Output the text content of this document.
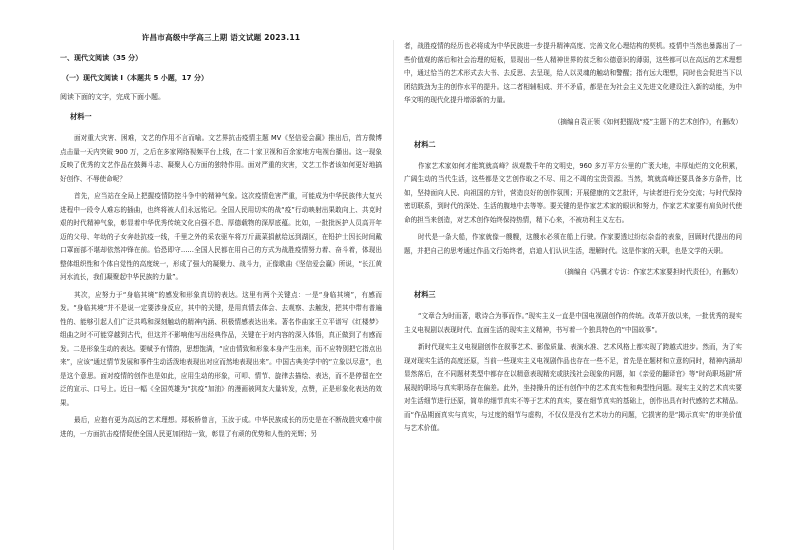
许昌市高级中学高三上期 语文试题 2023.11
一、现代文阅读（35 分）
（一）现代文阅读 I（本题共 5 小题，17 分）
阅读下面的文字，完成下面小题。
材料一

面对重大灾害、困难，文艺的作用不言而喻。文艺界抗击疫情主题 MV《坚信爱会赢》推出后，首方微博点击量一天内突破 900 万，之后在多家网络视频平台上线，在二十家卫视和百余家地方电视台播出。这一现象反映了优秀的文艺作品在鼓舞斗志、凝聚人心方面的独特作用。面对严重的灾害，文艺工作者该如何更好地搞好创作、不辱使命呢？

首先，应当站在全局上把握疫情防控斗争中的精神气象。这次疫情危害严重，可能成为中华民族伟大复兴进程中一段令人难忘的插曲，也终将被人们永远铭记。全国人民用切实的战“疫”行动映射出果敢向上、共克时艰的时代精神气象，彰显着中华优秀传统文化自强不息、厚德载物的深厚底蕴。比如，一批批医护人员高开年迈的父母、年幼的子女奔赴抗疫一线，千里之外的采农驱车将万斤蔬菜捐献给远到湖区，在铅护士因长时间戴口罩面部不堪却依然冲锋在前。恰恐即守……全国人民都在用自己的方式为战胜疫情努力着、奋斗着，体现出整体组织性和个体自觉性的高度统一，形成了强大的凝聚力、战斗力，正像歌曲《坚信爱会赢》所说，“长江黄河水流长，我们凝聚起中华民族的力量”。

其次，应努力于“身临其境”的感发和形象真切的表达。这里有两个关键点：一是“身临其境”，有感而发。“身临其境”并不是说一定要涉身反应，其中的关键，是用真情去体会、去观察、去触发，把其中带有普遍性的、能够引起人们广泛共鸣和深刻触动的精神内涵、积极情感表达出来。著名作曲家王立平谱写《红楼梦》组曲之时不可能穿越到古代，但这并不影响他写出经典作品，关键在于对内容的深入体悟，真正做到了有感而发。二是形象生动的表达。要赋予有情韵，思想饱满，“应由情致和形象本身产生出来，而不应特别把它指点出来”，应该“通过情节发展和事件生动活泼地表现出对应而然地表现出来”。中国古典美学中的“立象以尽意”，也是这个意思。面对疫情的创作也是如此，应用生动的形象，可叩、情节、旋律去描绘、表达，而不是停留在空泛的宣示、口号上。近日一幅《全国英雄为“抗疫”加油》的漫画被网友大量转发，点赞，正是形象化表达的效果。

最后，应抱有更为高远的艺术理想。郑板桥曾言，玉汝于成。中华民族成长的历史是在不断战胜灾难中前进的，一方面抗击疫情促使全国人民更加团结一致，彰显了有顽的优势和人性的光辉；另

者，战胜疫情的经历也必将成为中华民族进一步提升精神高度、完善文化心理结构的契机。疫情中当然也暴露出了一些价值观的落后和社会治理的短板，显现出一些人精神世界的贫乏和公德意识的薄弱，这些都可以在高远的艺术理想中，通过恰当的艺术形式去大书、去反思、去呈现，给人以灵魂的触动和警醒；指有远大理想，同时也会促进当下以团结鼓劲为主的创作水平的提升。这二者相辅相成、并不矛盾，都是在为社会主义先进文化建设注入新的动能，为中华文明的现代化提升增添新的力量。

（摘编自袁正领《如何把握战“疫”主题下的艺术创作》，有删改）
材料二

作家艺术家如何才能筑就高峰？纵观数千年的文明史，960 多万平方公里的广袤大地，丰厚灿烂的文化积累，广阔生动的当代生活，这些都是文艺创作取之不尽、用之不竭的宝贵资源。当然，筑就高峰还要具备多方条件，比如，坚持面向人民、向祖国的方针，营造良好的创作氛围；开展健康的文艺批评，与读者进行充分交流；与时代保持密切联系，到时代的深处、生活的腹地中去等等。要关键的是作家艺术家的眼识和努力，作家艺术家要有肩负时代使命的担当来创造，对艺术创作始终保持热情，精下心来，不被功利主义左右。

时代是一条大船，作家就像一艘艘，这艘水必须在船上行驶。作家要透过纷纭杂沓的表象，回顾时代提出的问题，并把自己的思考通过作品文行始终者，启迪人们认识生活，理解时代。这是作家的天职，也是文学的天职。

（摘编自《冯骥才专访：作家艺术家要担时代责任》，有删改）
材料三

“文章合为时而著，歌诗合为事而作。”现实主义一直是中国电视剧创作的传统。改革开放以来，一批优秀的现实主义电视剧以表现时代、直面生活的现实主义精神，书写着一个独具特色的“中国故事”。

新时代现实主义电视剧创作在叙事艺术、影像质量、表演水准、艺术风格上都实现了跨越式进步。然而，为了实现对现实生活的高度还原，当前一些现实主义电视剧作品也存在一些不足，首先是在题材和立意的同时，精神内涵却显然落后，在不同题材类型中都存在以精意表现精充或肤浅社会现象的问题，如《亲爱的翻译官》等“时尚职场剧”所展现的职场与真实职场存在偏差。此外，坐持操升的还有创作中的艺术真实性和典型性问题。现实主义的艺术真实要对生活细节进行还原，简单的细节真实不等于艺术的真实，要在细节真实的基础上，创作出具有时代感的艺术精品。而“作品期面真实与真实，与过度的细节与虚构，不仅仅是没有艺术功力的问题，它损害的是“揭示真实”的审美价值与艺术价值。
